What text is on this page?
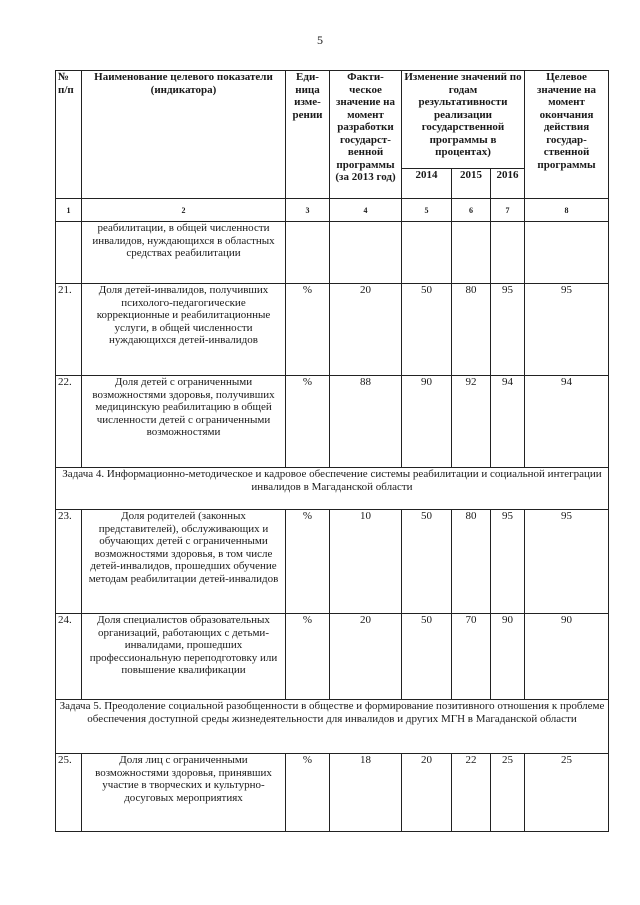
5
№ п/п	Наименование целевого показатели (индикатора)	Еди- ница изме- рении	Факти- ческое значение на момент разработки государст- венной программы (за 2013 год)	Изменение значений по годам результативности реализации государственной программы в процентах)			Целевое значение на момент окончания действия государ- ственной программы
				2014	2015	2016	
1	2	3	4	5	6	7	8
	реабилитации, в общей численности инвалидов, нуждающихся в областных средствах реабилитации						
21.	Доля детей-инвалидов, получивших психолого-педагогические коррекционные и реабилитационные услуги, в общей численности нуждающихся детей-инвалидов	%	20	50	80	95	95
22.	Доля детей с ограниченными возможностями здоровья, получивших медицинскую реабилитацию в общей численности детей с ограниченными возможностями	%	88	90	92	94	94
Задача 4. Информационно-методическое и кадровое обеспечение системы реабилитации и социальной интеграции инвалидов в Магаданской области							
23.	Доля родителей (законных представителей), обслуживающих и обучающих детей с ограниченными возможностями здоровья, в том числе детей-инвалидов, прошедших обучение методам реабилитации детей-инвалидов	%	10	50	80	95	95
24.	Доля специалистов образовательных организаций, работающих с детьми-инвалидами, прошедших профессиональную переподготовку или повышение квалификации	%	20	50	70	90	90
Задача 5. Преодоление социальной разобщенности в обществе и формирование позитивного отношения к проблеме обеспечения доступной среды жизнедеятельности для инвалидов и других МГН в Магаданской области							
25.	Доля лиц с ограниченными возможностями здоровья, принявших участие в творческих и культурно-досуговых мероприятиях	%	18	20	22	25	25
